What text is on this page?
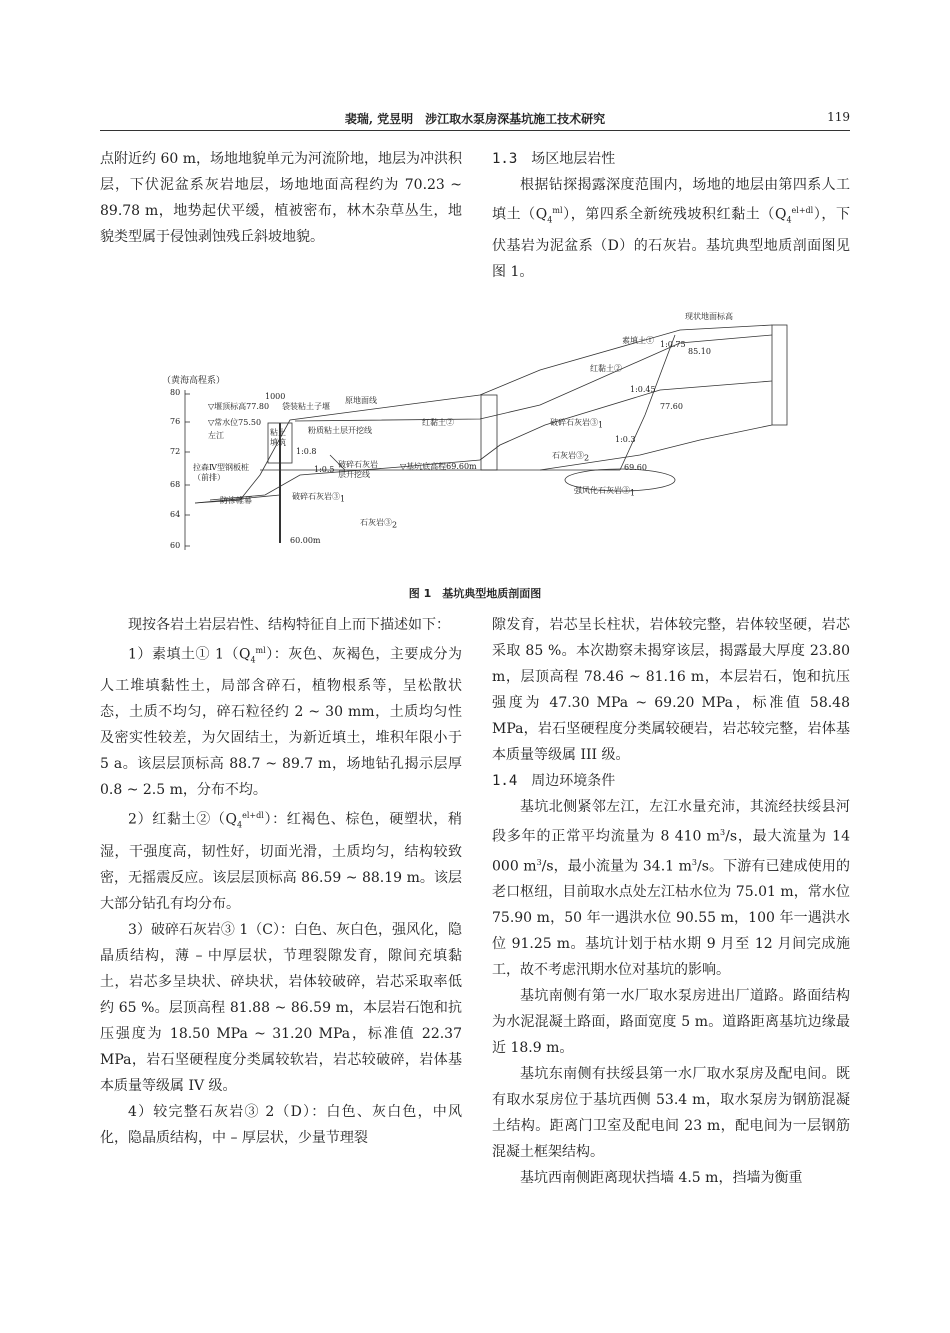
裴瑞, 党昱明　涉江取水泵房深基坑施工技术研究	119

点附近约 60 m，场地地貌单元为河流阶地，地层为冲洪积层，下伏泥盆系灰岩地层，场地地面高程约为 70.23 ~ 89.78 m，地势起伏平缓，植被密布，林木杂草丛生，地貌类型属于侵蚀剥蚀残丘斜坡地貌。

1.3　场区地层岩性

根据钻探揭露深度范围内，场地的地层由第四系人工填土$(Q_4^{ml})$，第四系全新统残坡积红黏土$(Q_4^{el+dl})$，下伏基岩为泥盆系（D）的石灰岩。基坑典型地质剖面图见图 1。

（黄海高程系）
80
76
72
68
64
60
1000
▽堰顶标高77.80 袋装粘土子堰
原地面线
▽常水位75.50
左江	粘土填筑
粉质粘土层开挖线
红黏土②
拉森Ⅳ型钢板桩（前排）
1:0.8
1:0.5
破碎石灰岩层开挖线
▽基坑底高程69.60m
防渗帷幕	破碎石灰岩$③_1$
石灰岩$③_2$
60.00m
现状地面标高
素填土① 1:0.75
85.10
红黏土②
1:0.45
77.60
破碎石灰岩$③_1$
1:0.3
石灰岩$③_2$
69.60
强风化石灰岩$③_1$
图 1　基坑典型地质剖面图

现按各岩土岩层岩性、结构特征自上而下描述如下：

1）素填土① $1(Q_4^{ml})$：灰色、灰褐色，主要成分为人工堆填黏性土，局部含碎石，植物根系等，呈松散状态，土质不均匀，碎石粒径约 2 ~ 30 mm，土质均匀性及密实性较差，为欠固结土，为新近填土，堆积年限小于 5 a。该层层顶标高 88.7 ~ 89.7 m，场地钻孔揭示层厚 0.8 ~ 2.5 m，分布不均。

2）红黏土$②(Q_4^{el+dl})$：红褐色、棕色，硬塑状，稍湿，干强度高，韧性好，切面光滑，土质均匀，结构较致密，无摇震反应。该层层顶标高 86.59 ~ 88.19 m。该层大部分钻孔有均分布。

3）破碎石灰岩③ 1（C）：白色、灰白色，强风化，隐晶质结构，薄 – 中厚层状，节理裂隙发育，隙间充填黏土，岩芯多呈块状、碎块状，岩体较破碎，岩芯采取率低约 65 %。层顶高程 81.88 ~ 86.59 m，本层岩石饱和抗压强度为 18.50 MPa ~ 31.20 MPa，标准值 22.37 MPa，岩石坚硬程度分类属较软岩，岩芯较破碎，岩体基本质量等级属 IV 级。

4）较完整石灰岩③ 2（D）：白色、灰白色，中风化，隐晶质结构，中 – 厚层状，少量节理裂

隙发育，岩芯呈长柱状，岩体较完整，岩体较坚硬，岩芯采取 85 %。本次勘察未揭穿该层，揭露最大厚度 23.80 m，层顶高程 78.46 ~ 81.16 m，本层岩石，饱和抗压强度为 47.30 MPa ~ 69.20 MPa，标准值 58.48 MPa，岩石坚硬程度分类属较硬岩，岩芯较完整，岩体基本质量等级属 III 级。

1.4　周边环境条件

基坑北侧紧邻左江，左江水量充沛，其流经扶绥县河段多年的正常平均流量为 8 410 $m^3/s$，最大流量为 14 000 $m^3/s$，最小流量为 34.1 $m^3/s$。下游有已建成使用的老口枢纽，目前取水点处左江枯水位为 75.01 m，常水位 75.90 m，50 年一遇洪水位 90.55 m，100 年一遇洪水位 91.25 m。基坑计划于枯水期 9 月至 12 月间完成施工，故不考虑汛期水位对基坑的影响。

基坑南侧有第一水厂取水泵房进出厂道路。路面结构为水泥混凝土路面，路面宽度 5 m。道路距离基坑边缘最近 18.9 m。

基坑东南侧有扶绥县第一水厂取水泵房及配电间。既有取水泵房位于基坑西侧 53.4 m，取水泵房为钢筋混凝土结构。距离门卫室及配电间 23 m，配电间为一层钢筋混凝土框架结构。

基坑西南侧距离现状挡墙 4.5 m，挡墙为衡重
